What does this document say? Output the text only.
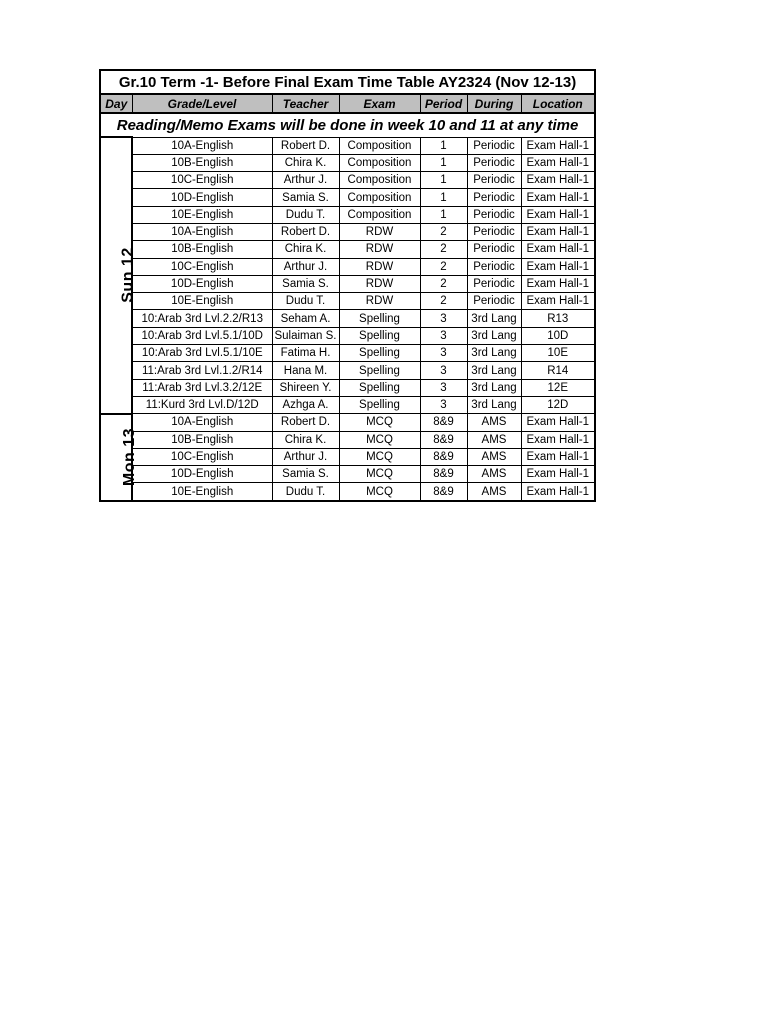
Gr.10 Term -1- Before Final Exam Time Table AY2324 (Nov 12-13)						
Day	Grade/Level	Teacher	Exam	Period	During	Location
Reading/Memo Exams will be done in week 10 and 11 at any time						
Sun 12	10A-English	Robert D.	Composition	1	Periodic	Exam Hall-1
	10B-English	Chira K.	Composition	1	Periodic	Exam Hall-1
	10C-English	Arthur J.	Composition	1	Periodic	Exam Hall-1
	10D-English	Samia S.	Composition	1	Periodic	Exam Hall-1
	10E-English	Dudu T.	Composition	1	Periodic	Exam Hall-1
	10A-English	Robert D.	RDW	2	Periodic	Exam Hall-1
	10B-English	Chira K.	RDW	2	Periodic	Exam Hall-1
	10C-English	Arthur J.	RDW	2	Periodic	Exam Hall-1
	10D-English	Samia S.	RDW	2	Periodic	Exam Hall-1
	10E-English	Dudu T.	RDW	2	Periodic	Exam Hall-1
	10:Arab 3rd Lvl.2.2/R13	Seham A.	Spelling	3	3rd Lang	R13
	10:Arab 3rd Lvl.5.1/10D	Sulaiman S.	Spelling	3	3rd Lang	10D
	10:Arab 3rd Lvl.5.1/10E	Fatima H.	Spelling	3	3rd Lang	10E
	11:Arab 3rd Lvl.1.2/R14	Hana M.	Spelling	3	3rd Lang	R14
	11:Arab 3rd Lvl.3.2/12E	Shireen Y.	Spelling	3	3rd Lang	12E
	11:Kurd 3rd Lvl.D/12D	Azhga A.	Spelling	3	3rd Lang	12D
Mon 13	10A-English	Robert D.	MCQ	8&9	AMS	Exam Hall-1
	10B-English	Chira K.	MCQ	8&9	AMS	Exam Hall-1
	10C-English	Arthur J.	MCQ	8&9	AMS	Exam Hall-1
	10D-English	Samia S.	MCQ	8&9	AMS	Exam Hall-1
	10E-English	Dudu T.	MCQ	8&9	AMS	Exam Hall-1
